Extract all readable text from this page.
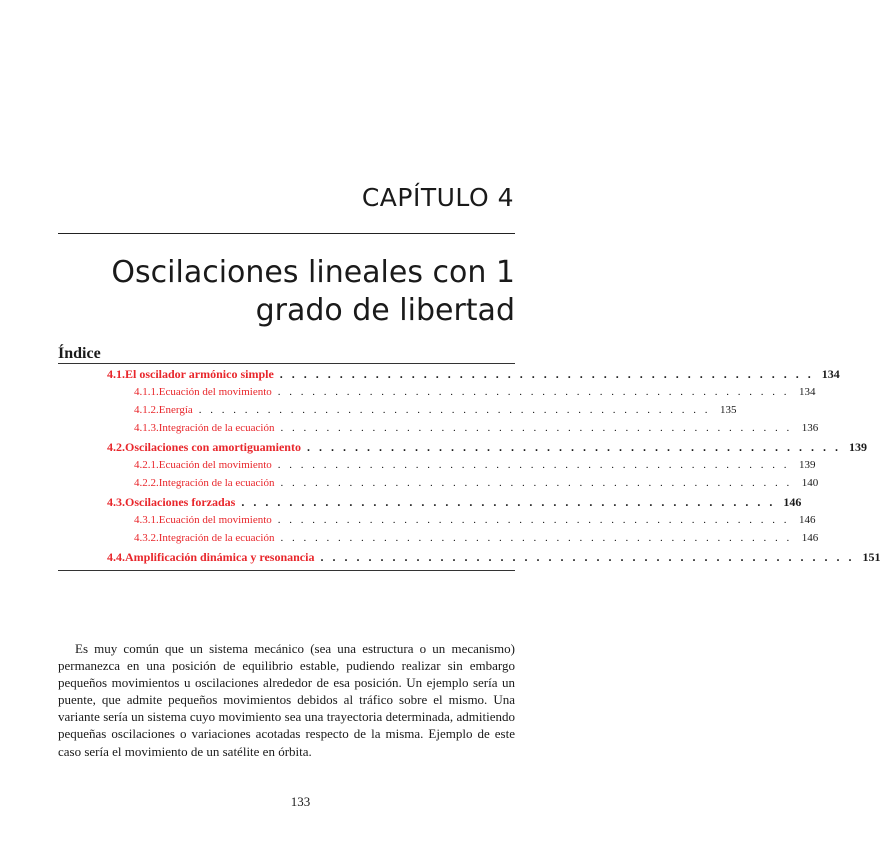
CAPÍTULO 4
Oscilaciones lineales con 1
grado de libertad
Índice
4.1. El oscilador armónico simple . . . . . . . . . . . . . . . . . . . . . . . . . . . . . . . . . . . . . . . . . . . . . 134
4.1.1. Ecuación del movimiento . . . . . . . . . . . . . . . . . . . . . . . . . . . . . . . . . . . . . . . . . . . . . 134
4.1.2. Energía . . . . . . . . . . . . . . . . . . . . . . . . . . . . . . . . . . . . . . . . . . . . . 135
4.1.3. Integración de la ecuación . . . . . . . . . . . . . . . . . . . . . . . . . . . . . . . . . . . . . . . . . . . . . 136
4.2. Oscilaciones con amortiguamiento . . . . . . . . . . . . . . . . . . . . . . . . . . . . . . . . . . . . . . . . . . . . . 139
4.2.1. Ecuación del movimiento . . . . . . . . . . . . . . . . . . . . . . . . . . . . . . . . . . . . . . . . . . . . . 139
4.2.2. Integración de la ecuación . . . . . . . . . . . . . . . . . . . . . . . . . . . . . . . . . . . . . . . . . . . . . 140
4.3. Oscilaciones forzadas . . . . . . . . . . . . . . . . . . . . . . . . . . . . . . . . . . . . . . . . . . . . . 146
4.3.1. Ecuación del movimiento . . . . . . . . . . . . . . . . . . . . . . . . . . . . . . . . . . . . . . . . . . . . . 146
4.3.2. Integración de la ecuación . . . . . . . . . . . . . . . . . . . . . . . . . . . . . . . . . . . . . . . . . . . . . 146
4.4. Amplificación dinámica y resonancia . . . . . . . . . . . . . . . . . . . . . . . . . . . . . . . . . . . . . . . . . . . . . 151

Es muy común que un sistema mecánico (sea una estructura o un mecanismo) permanezca en una posición de equilibrio estable, pudiendo realizar sin embargo pequeños movimientos u oscilaciones alrededor de esa posición. Un ejemplo sería un puente, que admite pequeños movimientos debidos al tráfico sobre el mismo. Una variante sería un sistema cuyo movimiento sea una trayectoria determinada, admitiendo pequeñas oscilaciones o variaciones acotadas respecto de la misma. Ejemplo de este caso sería el movimiento de un satélite en órbita.

133
